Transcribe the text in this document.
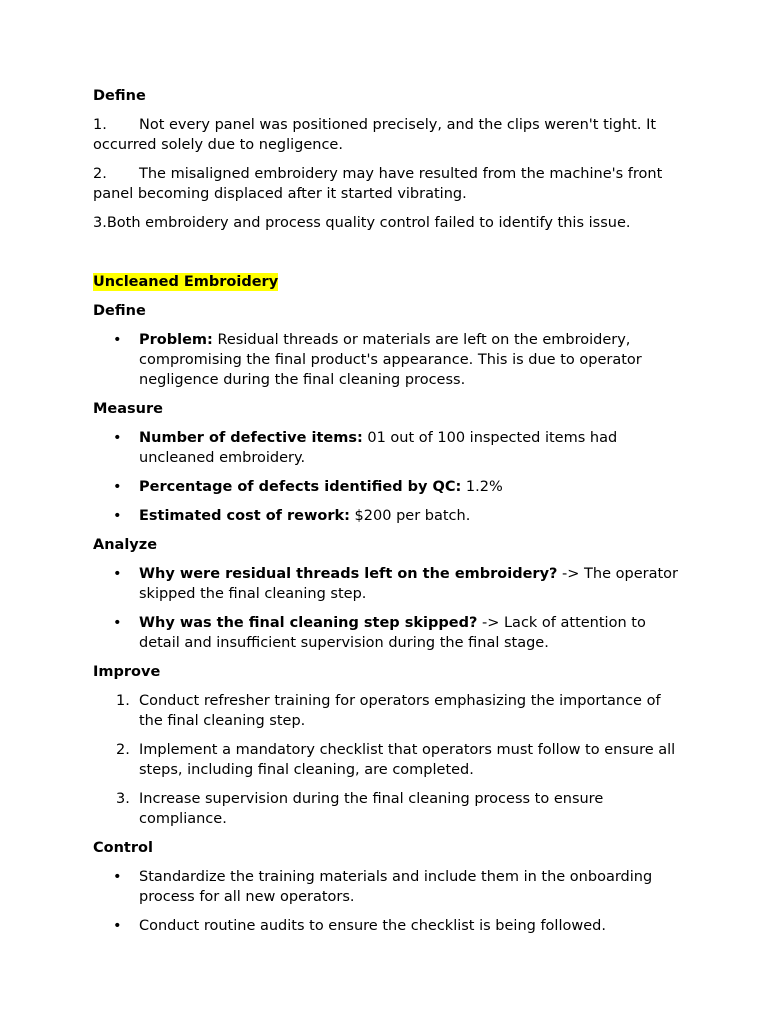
Define
1. Not every panel was positioned precisely, and the clips weren't tight. It occurred solely due to negligence.
2. The misaligned embroidery may have resulted from the machine's front panel becoming displaced after it started vibrating.
3.Both embroidery and process quality control failed to identify this issue.
Uncleaned Embroidery
Define
• Problem: Residual threads or materials are left on the embroidery, compromising the final product's appearance. This is due to operator negligence during the final cleaning process.
Measure
• Number of defective items: 01 out of 100 inspected items had uncleaned embroidery.
• Percentage of defects identified by QC: 1.2%
• Estimated cost of rework: $200 per batch.
Analyze
• Why were residual threads left on the embroidery? -> The operator skipped the final cleaning step.
• Why was the final cleaning step skipped? -> Lack of attention to detail and insufficient supervision during the final stage.
Improve
1. Conduct refresher training for operators emphasizing the importance of the final cleaning step.
2. Implement a mandatory checklist that operators must follow to ensure all steps, including final cleaning, are completed.
3. Increase supervision during the final cleaning process to ensure compliance.
Control
• Standardize the training materials and include them in the onboarding process for all new operators.
• Conduct routine audits to ensure the checklist is being followed.
